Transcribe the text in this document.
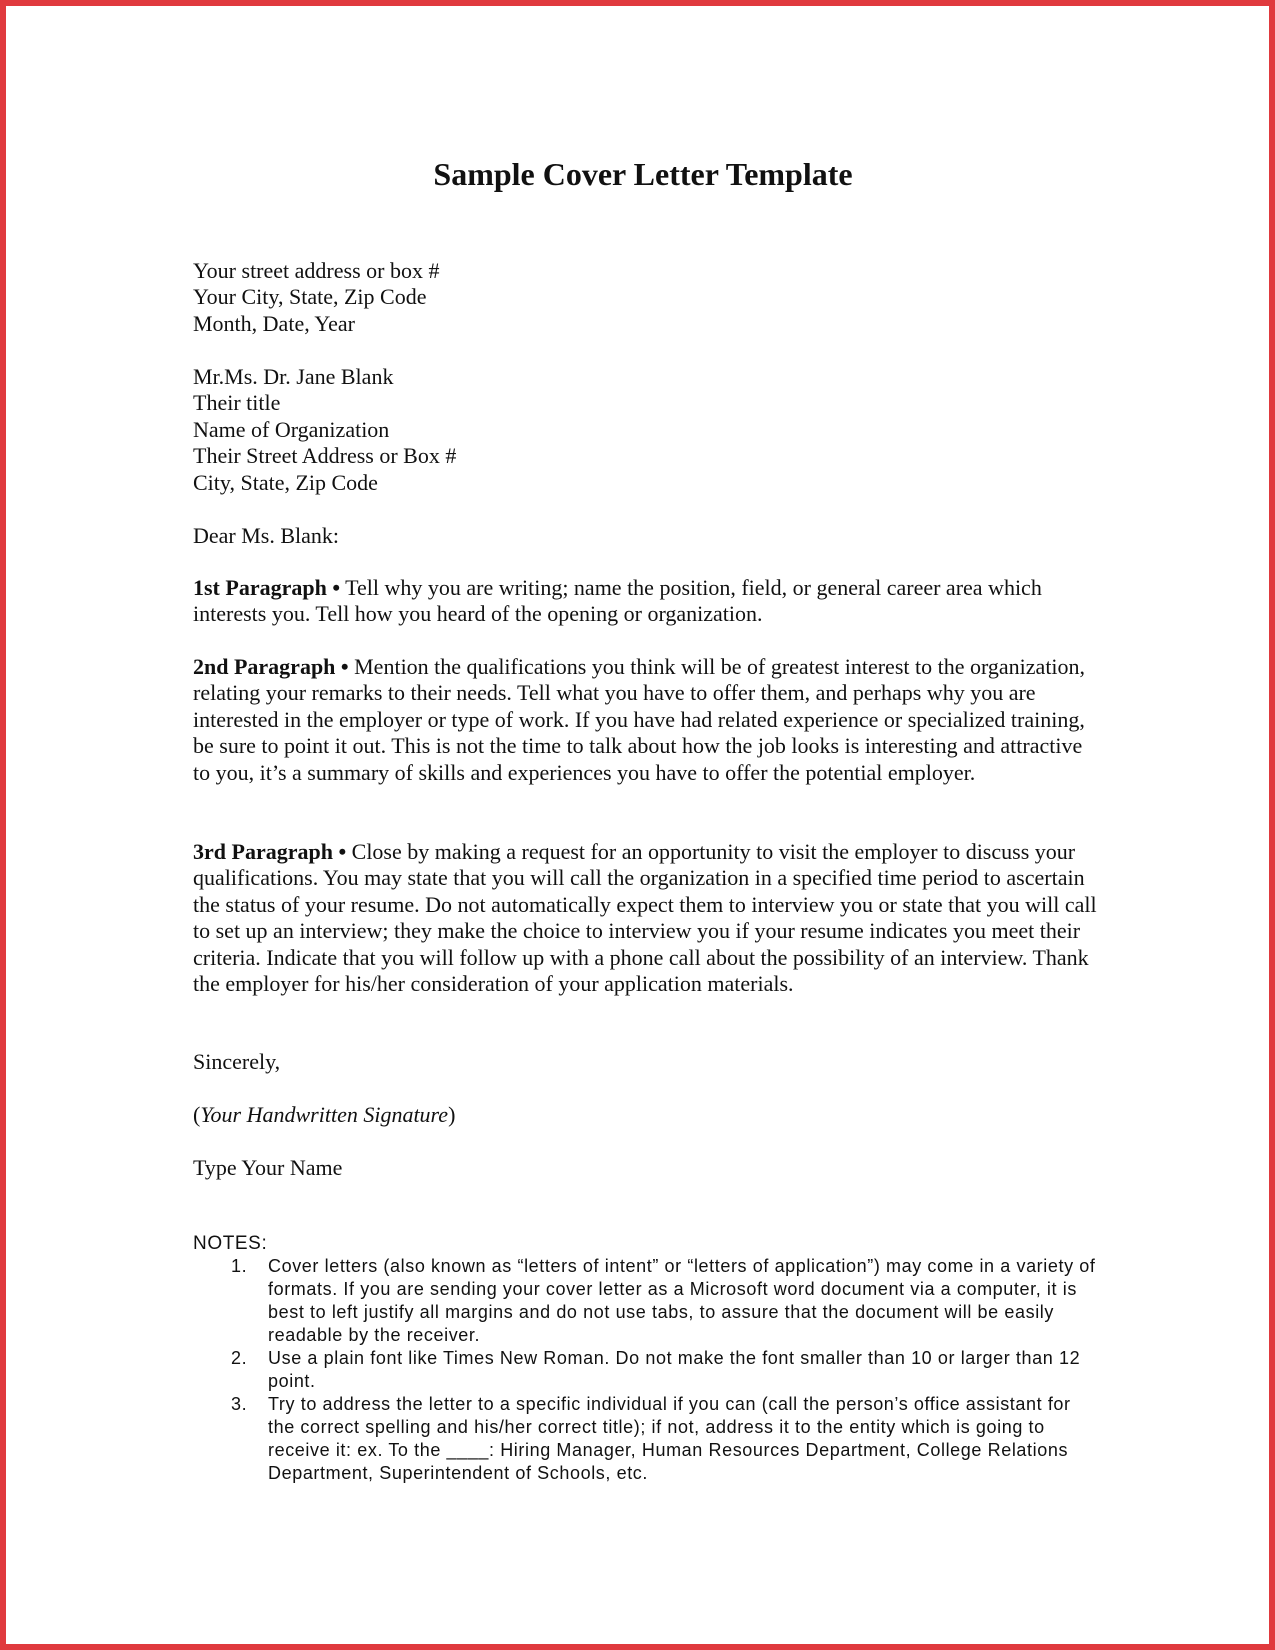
Sample Cover Letter Template
Your street address or box #
Your City, State, Zip Code
Month, Date, Year
Mr.Ms. Dr. Jane Blank
Their title
Name of Organization
Their Street Address or Box #
City, State, Zip Code
Dear Ms. Blank:

1st Paragraph • Tell why you are writing; name the position, field, or general career area which interests you. Tell how you heard of the opening or organization.

2nd Paragraph • Mention the qualifications you think will be of greatest interest to the organization, relating your remarks to their needs. Tell what you have to offer them, and perhaps why you are interested in the employer or type of work. If you have had related experience or specialized training, be sure to point it out. This is not the time to talk about how the job looks is interesting and attractive to you, it’s a summary of skills and experiences you have to offer the potential employer.

3rd Paragraph • Close by making a request for an opportunity to visit the employer to discuss your qualifications. You may state that you will call the organization in a specified time period to ascertain the status of your resume. Do not automatically expect them to interview you or state that you will call to set up an interview; they make the choice to interview you if your resume indicates you meet their criteria. Indicate that you will follow up with a phone call about the possibility of an interview. Thank the employer for his/her consideration of your application materials.

Sincerely,
(Your Handwritten Signature)
Type Your Name
NOTES:
1. Cover letters (also known as “letters of intent” or “letters of application”) may come in a variety of formats. If you are sending your cover letter as a Microsoft word document via a computer, it is best to left justify all margins and do not use tabs, to assure that the document will be easily readable by the receiver.
2. Use a plain font like Times New Roman. Do not make the font smaller than 10 or larger than 12 point.
3. Try to address the letter to a specific individual if you can (call the person’s office assistant for the correct spelling and his/her correct title); if not, address it to the entity which is going to receive it: ex. To the ____: Hiring Manager, Human Resources Department, College Relations Department, Superintendent of Schools, etc.
